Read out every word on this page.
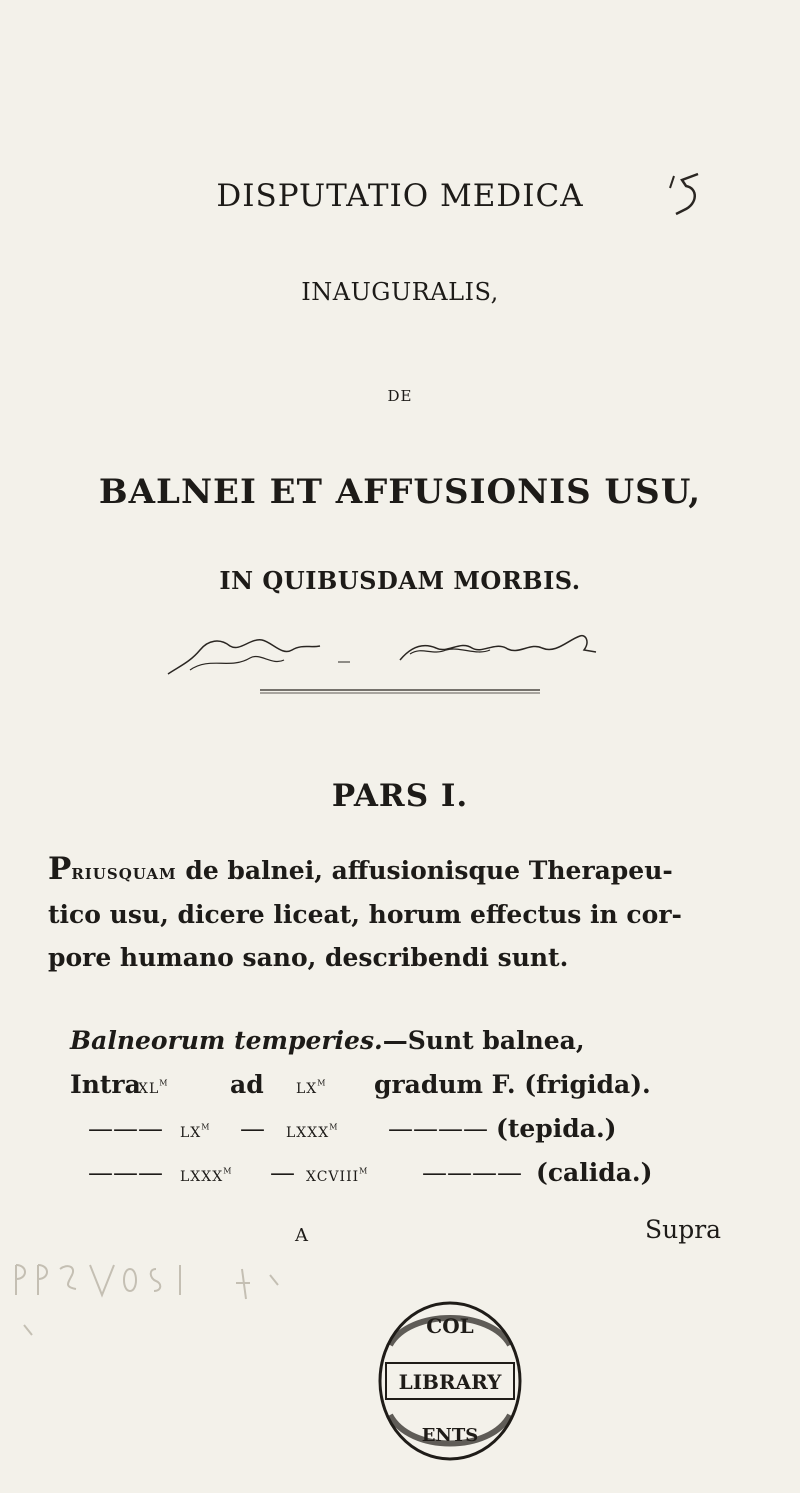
DISPUTATIO MEDICA
INAUGURALIS,
DE
BALNEI ET AFFUSIONIS USU,
IN QUIBUSDAM MORBIS.
PARS I.
Priusquam de balnei, affusionisque Therapeu-
tico usu, dicere liceat, horum effectus in cor-
pore humano sano, describendi sunt.
Balneorum temperies.—Sunt balnea,
Intra
$xl^m$ ad $lx^m$ gradum F. (frigida).
——— $lx^m$ — lxxx$^m$ ———— (tepida.)
——— lxxx$^m$ — xcviii$^m$ ———— (calida.)
A	Supra
COL
LIBRARY
ENTS
